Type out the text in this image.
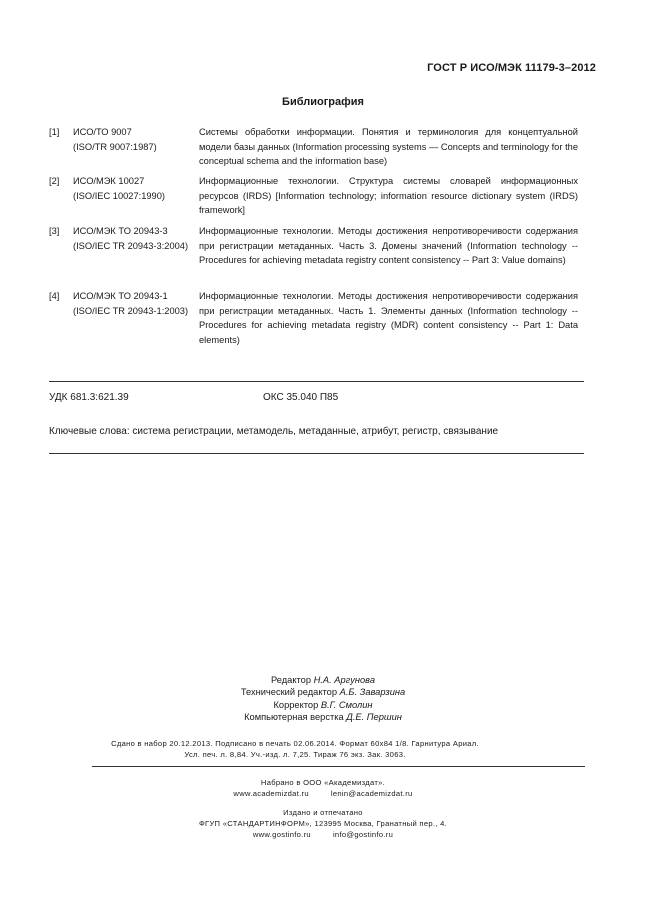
ГОСТ Р ИСО/МЭК 11179-3–2012
Библиография
[1] ИСО/ТО 9007
(ISO/TR 9007:1987)
Системы обработки информации. Понятия и терминология для концептуальной модели базы данных (Information processing systems — Concepts and terminology for the conceptual schema and the information base)
[2] ИСО/МЭК 10027
(ISO/IEC 10027:1990)
Информационные технологии. Структура системы словарей информационных ресурсов (IRDS) [Information technology; information resource dictionary system (IRDS) framework]
[3] ИСО/МЭК ТО 20943-3
(ISO/IEC TR 20943-3:2004)
Информационные технологии. Методы достижения непротиворечивости содержания при регистрации метаданных. Часть 3. Домены значений (Information technology -- Procedures for achieving metadata registry content consistency -- Part 3: Value domains)
[4] ИСО/МЭК ТО 20943-1
(ISO/IEC TR 20943-1:2003)
Информационные технологии. Методы достижения непротиворечивости содержания при регистрации метаданных. Часть 1. Элементы данных (Information technology -- Procedures for achieving metadata registry (MDR) content consistency -- Part 1: Data elements)
УДК 681.3:621.39	ОКС 35.040 П85
Ключевые слова: система регистрации, метамодель, метаданные, атрибут, регистр, связывание
Редактор Н.А. Аргунова
Технический редактор А.Б. Заварзина
Корректор В.Г. Смолин
Компьютерная верстка Д.Е. Першин
Сдано в набор 20.12.2013. Подписано в печать 02.06.2014. Формат 60x84 1/8. Гарнитура Ариал.
Усл. печ. л. 8,84. Уч.-изд. л. 7,25. Тираж 76 экз. Зак. 3063.
Набрано в ООО «Академиздат».
www.academizdat.ru	lenin@academizdat.ru
Издано и отпечатано
ФГУП «СТАНДАРТИНФОРМ», 123995 Москва, Гранатный пер., 4.
www.gostinfo.ru	info@gostinfo.ru
